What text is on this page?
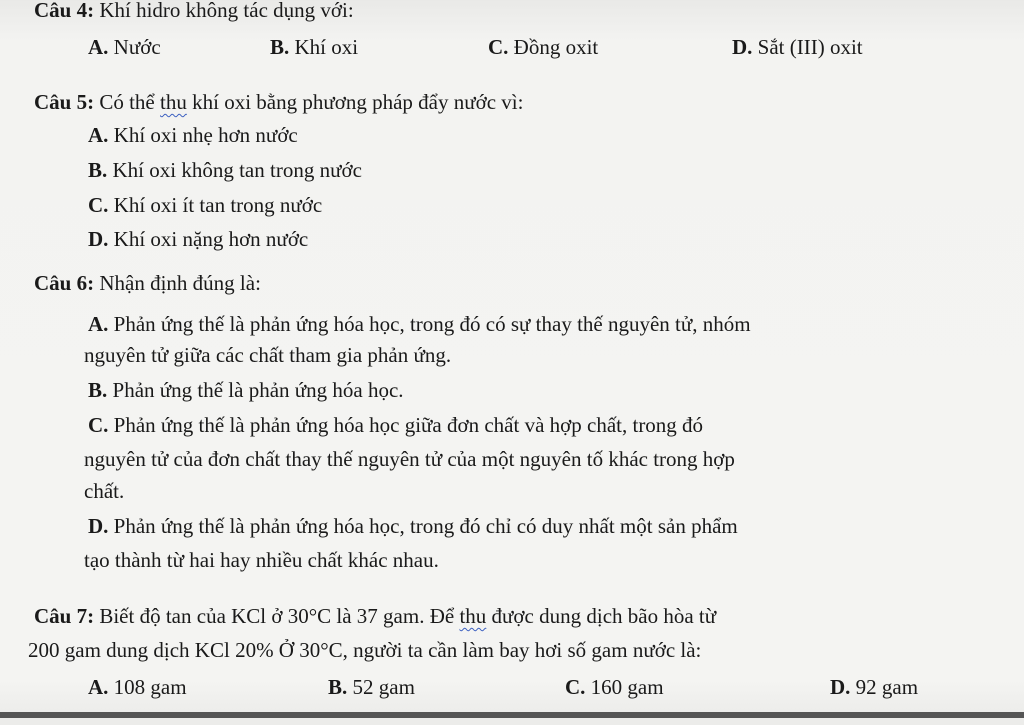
Câu 4: Khí hidro không tác dụng với:
A. Nước	B. Khí oxi	C. Đồng oxit	D. Sắt (III) oxit
Câu 5: Có thể thu khí oxi bằng phương pháp đẩy nước vì:
A. Khí oxi nhẹ hơn nước
B. Khí oxi không tan trong nước
C. Khí oxi ít tan trong nước
D. Khí oxi nặng hơn nước
Câu 6: Nhận định đúng là:
A. Phản ứng thế là phản ứng hóa học, trong đó có sự thay thế nguyên tử, nhóm
nguyên tử giữa các chất tham gia phản ứng.
B. Phản ứng thế là phản ứng hóa học.
C. Phản ứng thế là phản ứng hóa học giữa đơn chất và hợp chất, trong đó
nguyên tử của đơn chất thay thế nguyên tử của một nguyên tố khác trong hợp
chất.
D. Phản ứng thế là phản ứng hóa học, trong đó chỉ có duy nhất một sản phẩm
tạo thành từ hai hay nhiều chất khác nhau.
Câu 7: Biết độ tan của KCl ở 30°C là 37 gam. Để thu được dung dịch bão hòa từ
200 gam dung dịch KCl 20% Ở 30°C, người ta cần làm bay hơi số gam nước là:
A. 108 gam	B. 52 gam	C. 160 gam	D. 92 gam
